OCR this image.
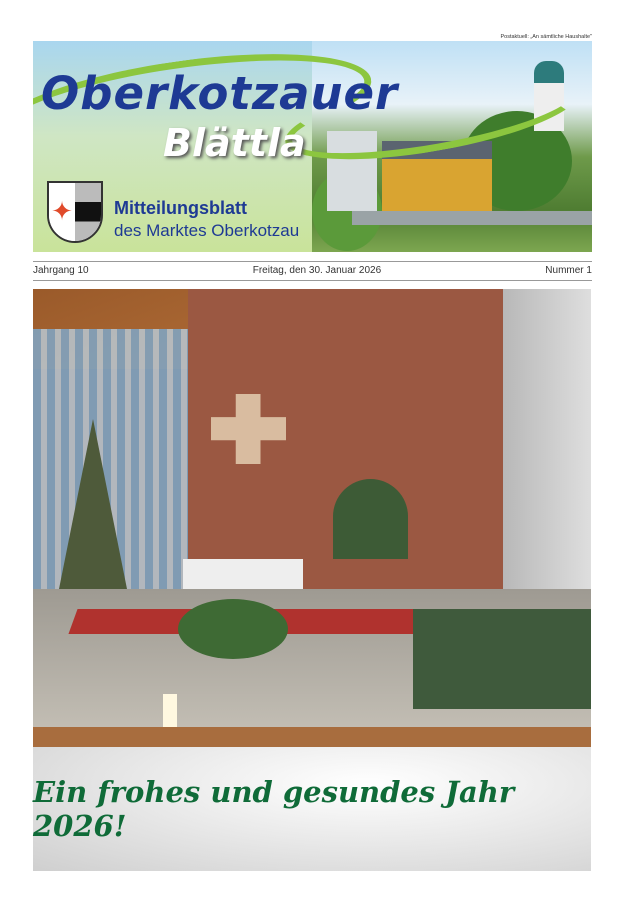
Postaktuell: „An sämtliche Haushalte"
Oberkotzauer
Blättla
✦ Mitteilungsblatt
des Marktes Oberkotzau
Jahrgang 10	Freitag, den 30. Januar 2026	Nummer 1
Ein frohes und gesundes Jahr 2026!
